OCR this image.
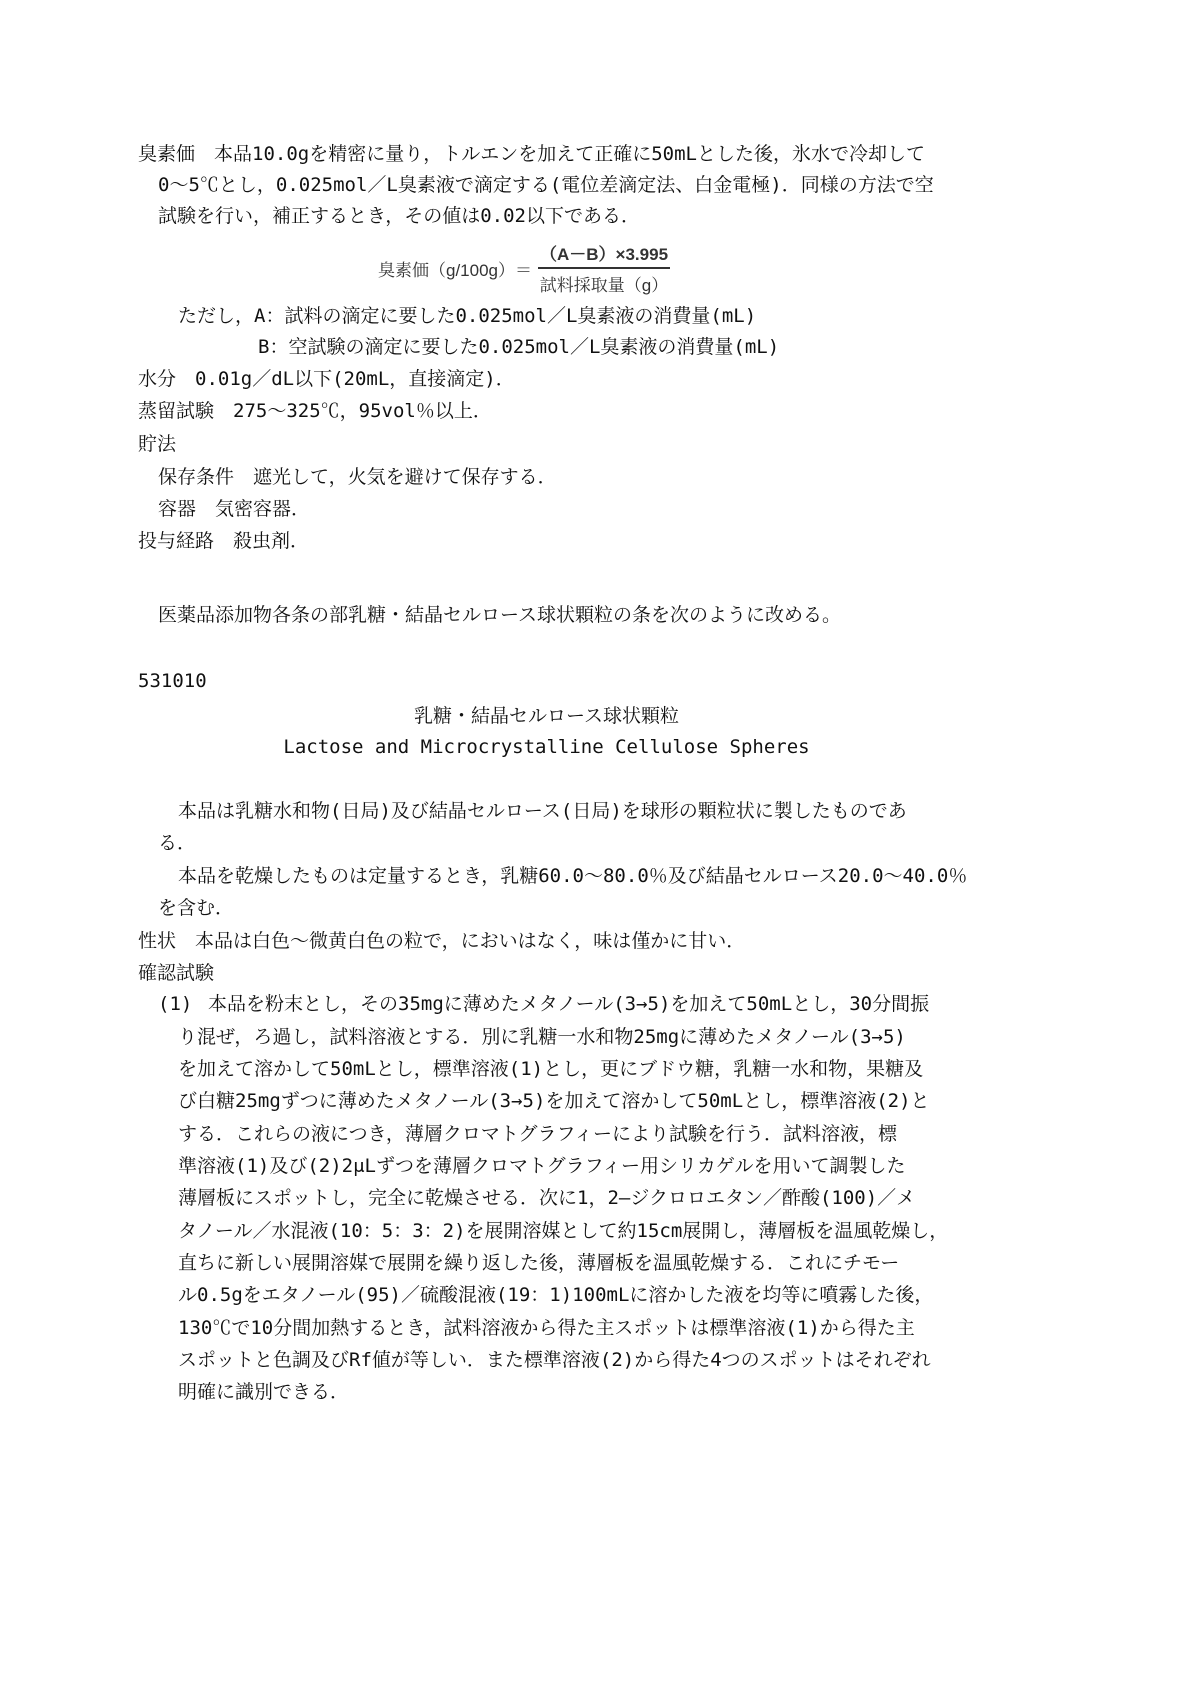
臭素価　本品10.0gを精密に量り，トルエンを加えて正確に50mLとした後，氷水で冷却して
0～5℃とし，0.025mol／L臭素液で滴定する(電位差滴定法、白金電極)．同様の方法で空
試験を行い，補正するとき，その値は0.02以下である．
臭素価$(g/100g)= \frac{(A-B)\times 3.995}{\text{試料採取量（g）}}$
ただし，A：試料の滴定に要した0.025mol／L臭素液の消費量(mL)
B：空試験の滴定に要した0.025mol／L臭素液の消費量(mL)
水分　0.01g／dL以下(20mL，直接滴定)．
蒸留試験　275～325℃，95vol％以上．
貯法
保存条件　遮光して，火気を避けて保存する．
容器　気密容器．
投与経路　殺虫剤．
医薬品添加物各条の部乳糖・結晶セルロース球状顆粒の条を次のように改める。
531010
乳糖・結晶セルロース球状顆粒
Lactose and Microcrystalline Cellulose Spheres
本品は乳糖水和物(日局)及び結晶セルロース(日局)を球形の顆粒状に製したものであ
る．
本品を乾燥したものは定量するとき，乳糖60.0～80.0％及び結晶セルロース20.0～40.0％
を含む．
性状　本品は白色～微黄白色の粒で，においはなく，味は僅かに甘い．
確認試験
(1) 本品を粉末とし，その35mgに薄めたメタノール(3→5)を加えて50mLとし，30分間振
り混ぜ，ろ過し，試料溶液とする．別に乳糖一水和物25mgに薄めたメタノール(3→5)
を加えて溶かして50mLとし，標準溶液(1)とし，更にブドウ糖，乳糖一水和物，果糖及
び白糖25mgずつに薄めたメタノール(3→5)を加えて溶かして50mLとし，標準溶液(2)と
する．これらの液につき，薄層クロマトグラフィーにより試験を行う．試料溶液，標
準溶液(1)及び(2)2μLずつを薄層クロマトグラフィー用シリカゲルを用いて調製した
薄層板にスポットし，完全に乾燥させる．次に1，2―ジクロロエタン／酢酸(100)／メ
タノール／水混液(10：5：3：2)を展開溶媒として約15cm展開し，薄層板を温風乾燥し，
直ちに新しい展開溶媒で展開を繰り返した後，薄層板を温風乾燥する．これにチモー
ル0.5gをエタノール(95)／硫酸混液(19：1)100mLに溶かした液を均等に噴霧した後，
130℃で10分間加熱するとき，試料溶液から得た主スポットは標準溶液(1)から得た主
スポットと色調及びRf値が等しい．また標準溶液(2)から得た4つのスポットはそれぞれ
明確に識別できる．
